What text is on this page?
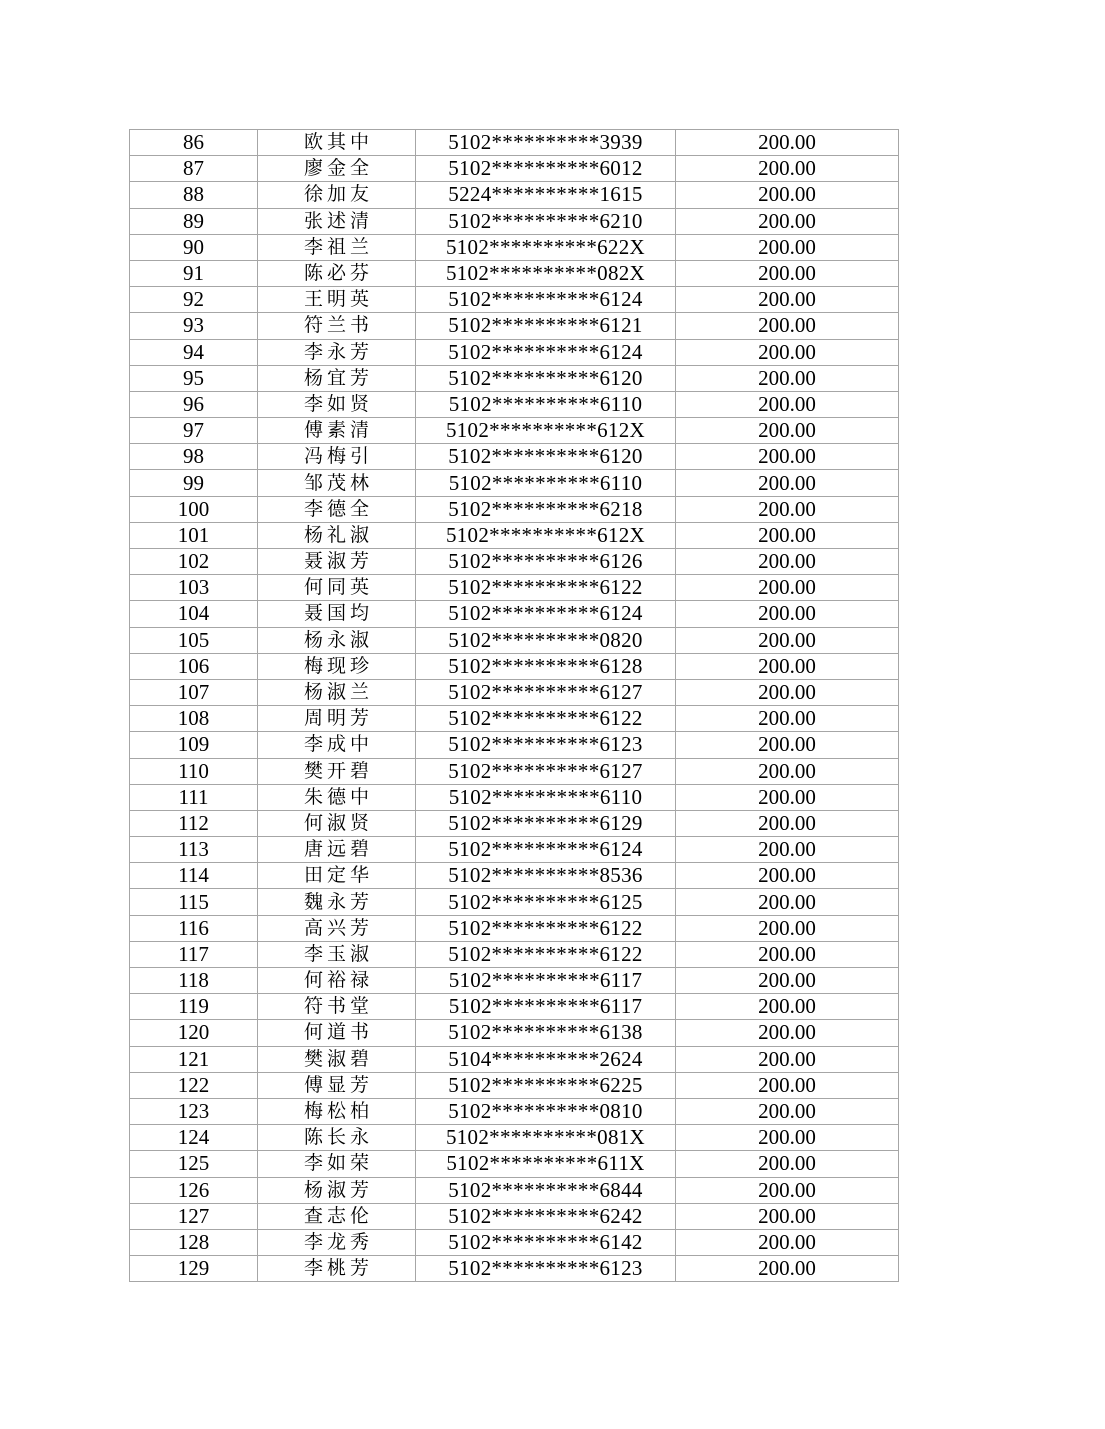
86	欧其中	5102**********3939	200.00
87	廖金全	5102**********6012	200.00
88	徐加友	5224**********1615	200.00
89	张述清	5102**********6210	200.00
90	李祖兰	5102**********622X	200.00
91	陈必芬	5102**********082X	200.00
92	王明英	5102**********6124	200.00
93	符兰书	5102**********6121	200.00
94	李永芳	5102**********6124	200.00
95	杨宜芳	5102**********6120	200.00
96	李如贤	5102**********6110	200.00
97	傅素清	5102**********612X	200.00
98	冯梅引	5102**********6120	200.00
99	邹茂林	5102**********6110	200.00
100	李德全	5102**********6218	200.00
101	杨礼淑	5102**********612X	200.00
102	聂淑芳	5102**********6126	200.00
103	何同英	5102**********6122	200.00
104	聂国均	5102**********6124	200.00
105	杨永淑	5102**********0820	200.00
106	梅现珍	5102**********6128	200.00
107	杨淑兰	5102**********6127	200.00
108	周明芳	5102**********6122	200.00
109	李成中	5102**********6123	200.00
110	樊开碧	5102**********6127	200.00
111	朱德中	5102**********6110	200.00
112	何淑贤	5102**********6129	200.00
113	唐远碧	5102**********6124	200.00
114	田定华	5102**********8536	200.00
115	魏永芳	5102**********6125	200.00
116	高兴芳	5102**********6122	200.00
117	李玉淑	5102**********6122	200.00
118	何裕禄	5102**********6117	200.00
119	符书堂	5102**********6117	200.00
120	何道书	5102**********6138	200.00
121	樊淑碧	5104**********2624	200.00
122	傅显芳	5102**********6225	200.00
123	梅松柏	5102**********0810	200.00
124	陈长永	5102**********081X	200.00
125	李如荣	5102**********611X	200.00
126	杨淑芳	5102**********6844	200.00
127	查志伦	5102**********6242	200.00
128	李龙秀	5102**********6142	200.00
129	李桃芳	5102**********6123	200.00
